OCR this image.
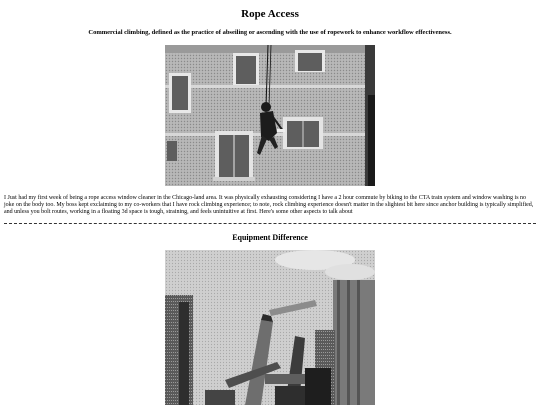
Rope Access
Commercial climbing, defined as the practice of abseiling or ascending with the use of ropework to enhance workflow effectiveness.

I Just had my first week of being a rope access window cleaner in the Chicago-land area. It was physically exhausting considering I have a 2 hour commute by biking to the CTA train system and window washing is no joke on the body too. My boss kept exclaiming to my co-workers that I have rock climbing experience; to note, rock climbing experience doesn't matter in the slightest bit here since anchor building is typically simplified, and unless you bolt routes, working in a floating 3d space is tough, straining, and feels unintuitive at first. Here's some other aspects to talk about

Equipment Difference
